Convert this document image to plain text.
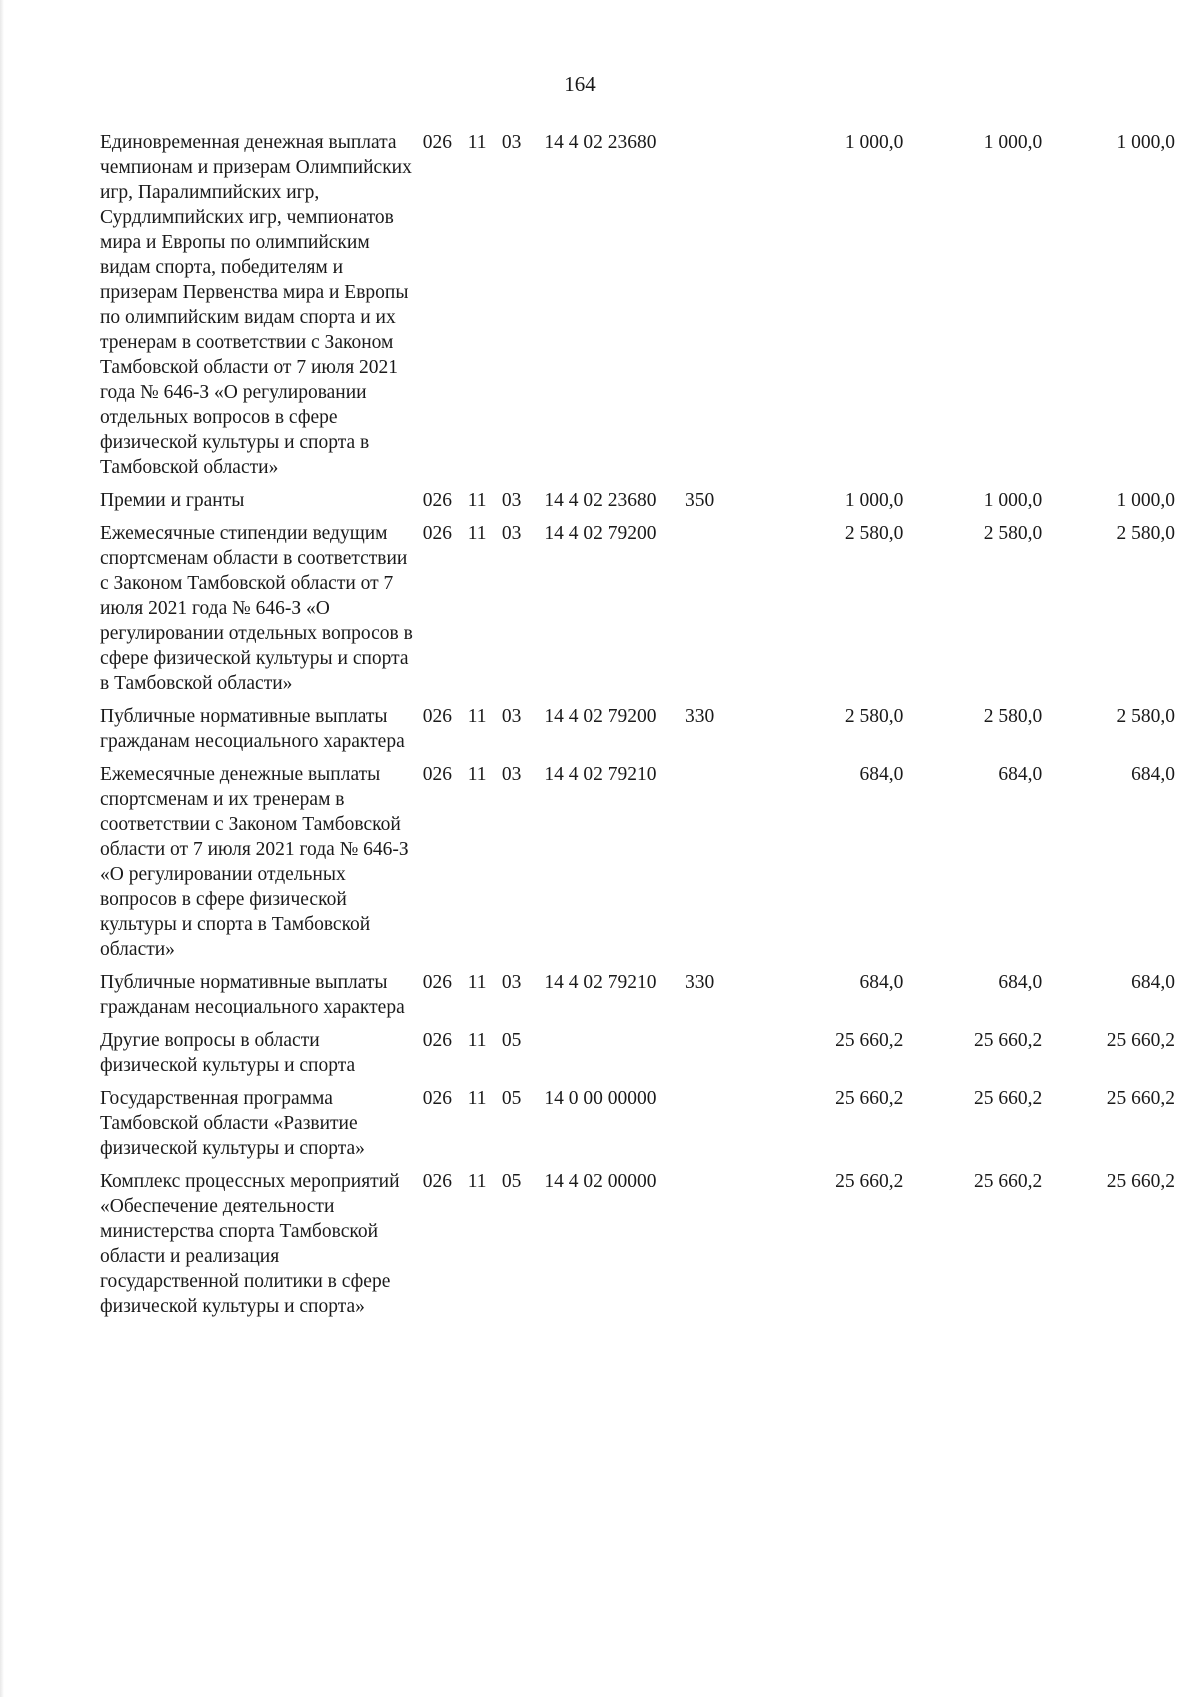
164
Единовременная денежная выплата чемпионам и призерам Олимпийских игр, Паралимпийских игр, Сурдлимпийских игр, чемпионатов мира и Европы по олимпийским видам спорта, победителям и призерам Первенства мира и Европы по олимпийским видам спорта и их тренерам в соответствии с Законом Тамбовской области от 7 июля 2021 года № 646-З «О регулировании отдельных вопросов в сфере физической культуры и спорта в Тамбовской области»	026	11	03	14 4 02 23680		1 000,0	1 000,0	1 000,0
Премии и гранты	026	11	03	14 4 02 23680	350	1 000,0	1 000,0	1 000,0
Ежемесячные стипендии ведущим спортсменам области в соответствии с Законом Тамбовской области от 7 июля 2021 года № 646-З «О регулировании отдельных вопросов в сфере физической культуры и спорта в Тамбовской области»	026	11	03	14 4 02 79200		2 580,0	2 580,0	2 580,0
Публичные нормативные выплаты гражданам несоциального характера	026	11	03	14 4 02 79200	330	2 580,0	2 580,0	2 580,0
Ежемесячные денежные выплаты спортсменам и их тренерам в соответствии с Законом Тамбовской области от 7 июля 2021 года № 646-З «О регулировании отдельных вопросов в сфере физической культуры и спорта в Тамбовской области»	026	11	03	14 4 02 79210		684,0	684,0	684,0
Публичные нормативные выплаты гражданам несоциального характера	026	11	03	14 4 02 79210	330	684,0	684,0	684,0
Другие вопросы в области физической культуры и спорта	026	11	05			25 660,2	25 660,2	25 660,2
Государственная программа Тамбовской области «Развитие физической культуры и спорта»	026	11	05	14 0 00 00000		25 660,2	25 660,2	25 660,2
Комплекс процессных мероприятий «Обеспечение деятельности министерства спорта Тамбовской области и реализация государственной политики в сфере физической культуры и спорта»	026	11	05	14 4 02 00000		25 660,2	25 660,2	25 660,2
